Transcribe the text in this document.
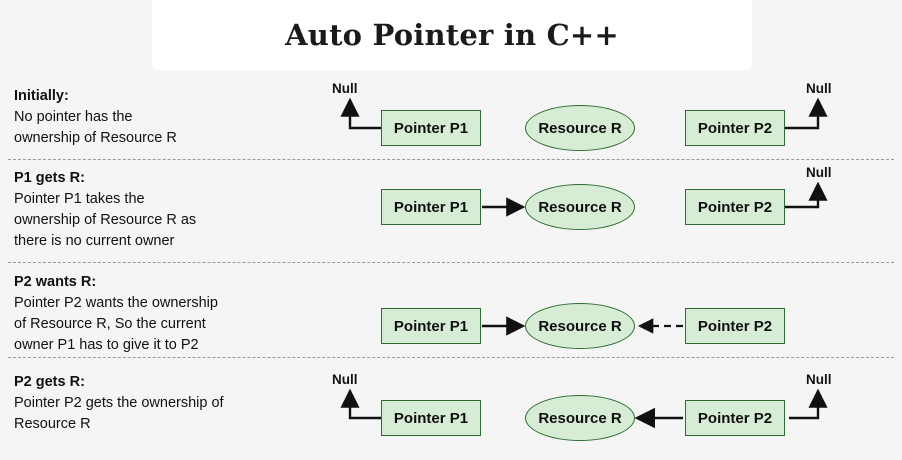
Auto Pointer in C++
Initially:
No pointer has the
ownership of Resource R
Null	Null
Pointer P1	Resource R	Pointer P2
P1 gets R:
Pointer P1 takes the
ownership of Resource R as
there is no current owner
Null
Pointer P1	Resource R	Pointer P2
P2 wants R:
Pointer P2 wants the ownership
of Resource R, So the current
owner P1 has to give it to P2
Pointer P1	Resource R	Pointer P2
P2 gets R:
Pointer P2 gets the ownership of
Resource R
Null	Null
Pointer P1	Resource R	Pointer P2
